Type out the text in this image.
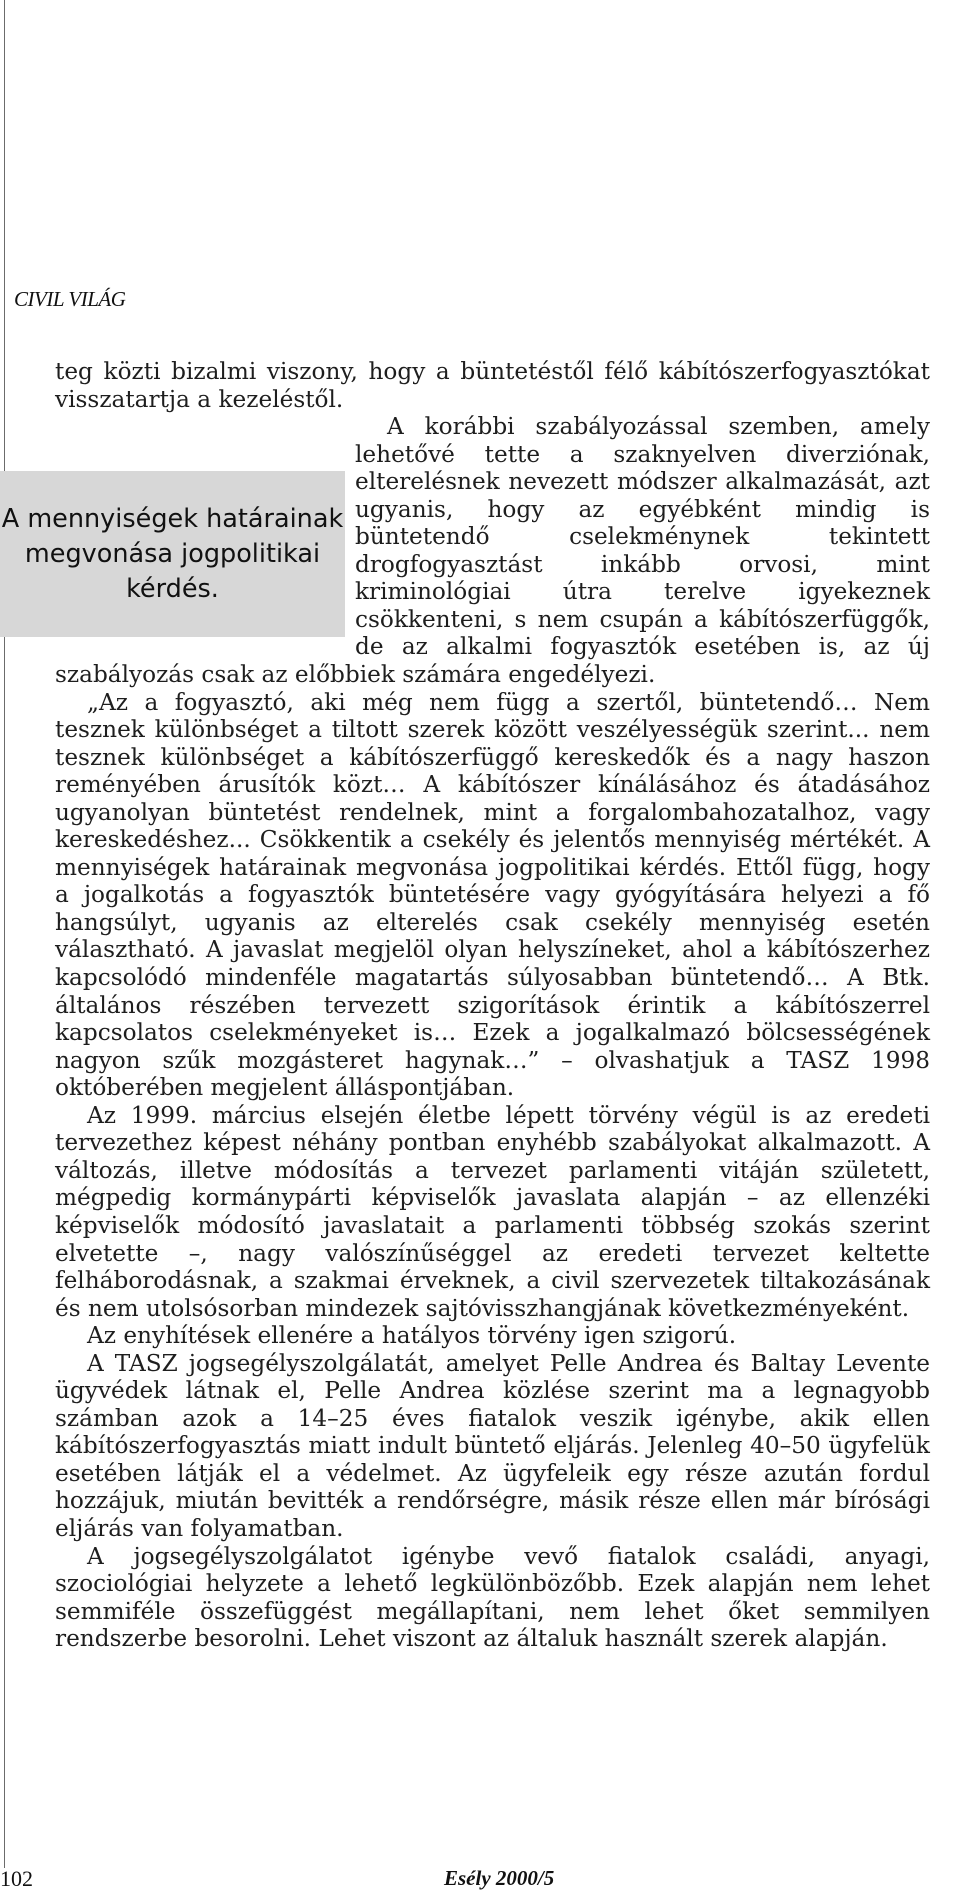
CIVIL VILÁG

teg közti bizalmi viszony, hogy a büntetéstől félő kábítószerfogyasztókat visszatartja a kezeléstől.

A mennyiségek határainak megvonása jogpolitikai kérdés.
A korábbi szabályozással szemben, amely lehetővé tette a szaknyelven diverziónak, elterelésnek nevezett módszer alkalmazását, azt ugyanis, hogy az egyébként mindig is büntetendő cselekménynek tekintett drogfogyasztást inkább orvosi, mint kriminológiai útra terelve igyekeznek csökkenteni, s nem csupán a kábítószerfüggők, de az alkalmi fogyasztók esetében is, az új szabályozás csak az előbbiek számára engedélyezi.

„Az a fogyasztó, aki még nem függ a szertől, büntetendő… Nem tesznek különbséget a tiltott szerek között veszélyességük szerint... nem tesznek különbséget a kábítószerfüggő kereskedők és a nagy haszon reményében árusítók közt… A kábítószer kínálásához és átadásához ugyanolyan büntetést rendelnek, mint a forgalombahozatalhoz, vagy kereskedéshez... Csökkentik a csekély és jelentős mennyiség mértékét. A mennyiségek határainak megvonása jogpolitikai kérdés. Ettől függ, hogy a jogalkotás a fogyasztók büntetésére vagy gyógyítására helyezi a fő hangsúlyt, ugyanis az elterelés csak csekély mennyiség esetén választható. A javaslat megjelöl olyan helyszíneket, ahol a kábítószerhez kapcsolódó mindenféle magatartás súlyosabban büntetendő… A Btk. általános részében tervezett szigorítások érintik a kábítószerrel kapcsolatos cselekményeket is… Ezek a jogalkalmazó bölcsességének nagyon szűk mozgásteret hagynak…” – olvashatjuk a TASZ 1998 októberében megjelent álláspontjában.

Az 1999. március elsején életbe lépett törvény végül is az eredeti tervezethez képest néhány pontban enyhébb szabályokat alkalmazott. A változás, illetve módosítás a tervezet parlamenti vitáján született, mégpedig kormánypárti képviselők javaslata alapján – az ellenzéki képviselők módosító javaslatait a parlamenti többség szokás szerint elvetette –, nagy valószínűséggel az eredeti tervezet keltette felháborodásnak, a szakmai érveknek, a civil szervezetek tiltakozásának és nem utolsósorban mindezek sajtóvisszhangjának következményeként.

Az enyhítések ellenére a hatályos törvény igen szigorú.

A TASZ jogsegélyszolgálatát, amelyet Pelle Andrea és Baltay Levente ügyvédek látnak el, Pelle Andrea közlése szerint ma a legnagyobb számban azok a 14–25 éves fiatalok veszik igénybe, akik ellen kábítószerfogyasztás miatt indult büntető eljárás. Jelenleg 40–50 ügyfelük esetében látják el a védelmet. Az ügyfeleik egy része azután fordul hozzájuk, miután bevitték a rendőrségre, másik része ellen már bírósági eljárás van folyamatban.

A jogsegélyszolgálatot igénybe vevő fiatalok családi, anyagi, szociológiai helyzete a lehető legkülönbözőbb. Ezek alapján nem lehet semmiféle összefüggést megállapítani, nem lehet őket semmilyen rendszerbe besorolni. Lehet viszont az általuk használt szerek alapján.

102	Esély 2000/5
